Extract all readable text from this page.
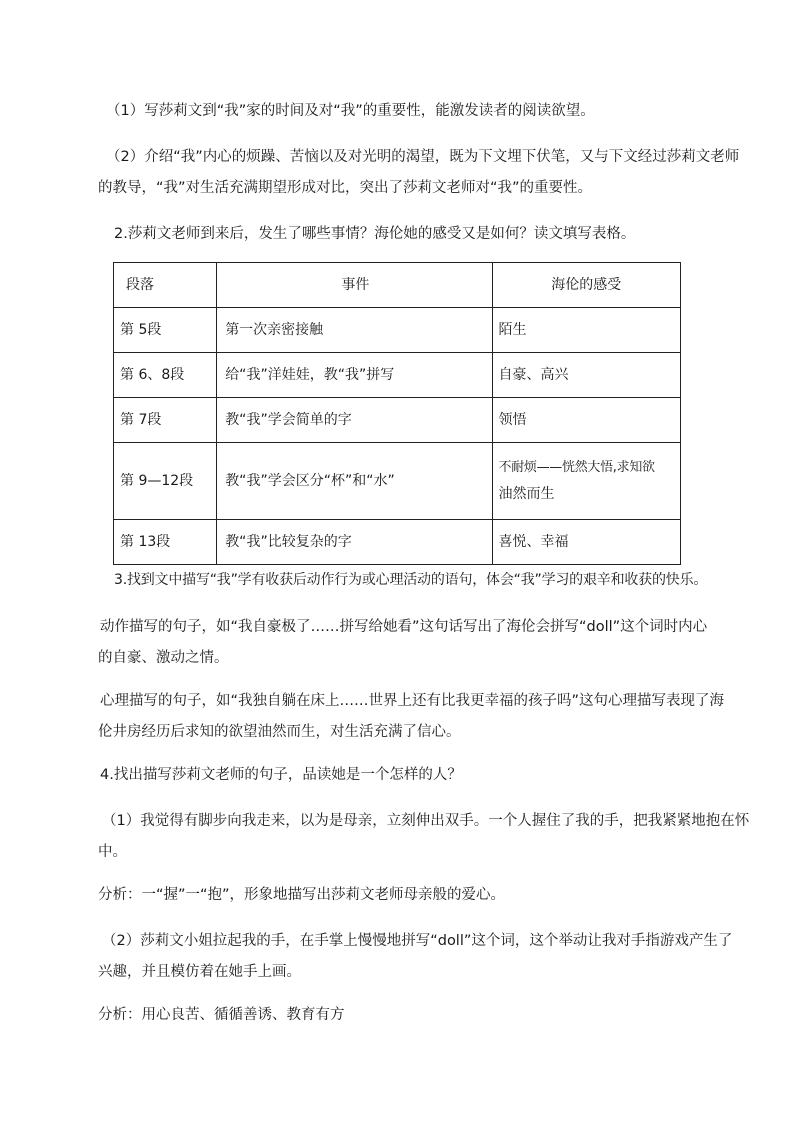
（1）写莎莉文到“我”家的时间及对“我”的重要性，能激发读者的阅读欲望。

（2）介绍“我”内心的烦躁、苦恼以及对光明的渴望，既为下文埋下伏笔，又与下文经过莎莉文老师
的教导，“我”对生活充满期望形成对比，突出了莎莉文老师对“我”的重要性。

2.莎莉文老师到来后，发生了哪些事情？海伦她的感受又是如何？读文填写表格。

段落	事件	海伦的感受
第 5段	第一次亲密接触	陌生
第 6、8段	给“我”洋娃娃，教“我”拼写	自豪、高兴
第 7段	教“我”学会简单的字	领悟
第 9—12段	教“我”学会区分“杯”和“水”	不耐烦——恍然大悟,求知欲
油然而生

第 13段	教“我”比较复杂的字	喜悦、幸福

3.找到文中描写“我”学有收获后动作行为或心理活动的语句，体会“我”学习的艰辛和收获的快乐。

动作描写的句子，如“我自豪极了……拼写给她看”这句话写出了海伦会拼写“doll”这个词时内心
的自豪、激动之情。

心理描写的句子，如“我独自躺在床上……世界上还有比我更幸福的孩子吗”这句心理描写表现了海
伦井房经历后求知的欲望油然而生，对生活充满了信心。

4.找出描写莎莉文老师的句子，品读她是一个怎样的人？

（1）我觉得有脚步向我走来，以为是母亲，立刻伸出双手。一个人握住了我的手，把我紧紧地抱在怀
中。

分析：一“握”一“抱”，形象地描写出莎莉文老师母亲般的爱心。

（2）莎莉文小姐拉起我的手，在手掌上慢慢地拼写“doll”这个词，这个举动让我对手指游戏产生了
兴趣，并且模仿着在她手上画。

分析：用心良苦、循循善诱、教育有方
